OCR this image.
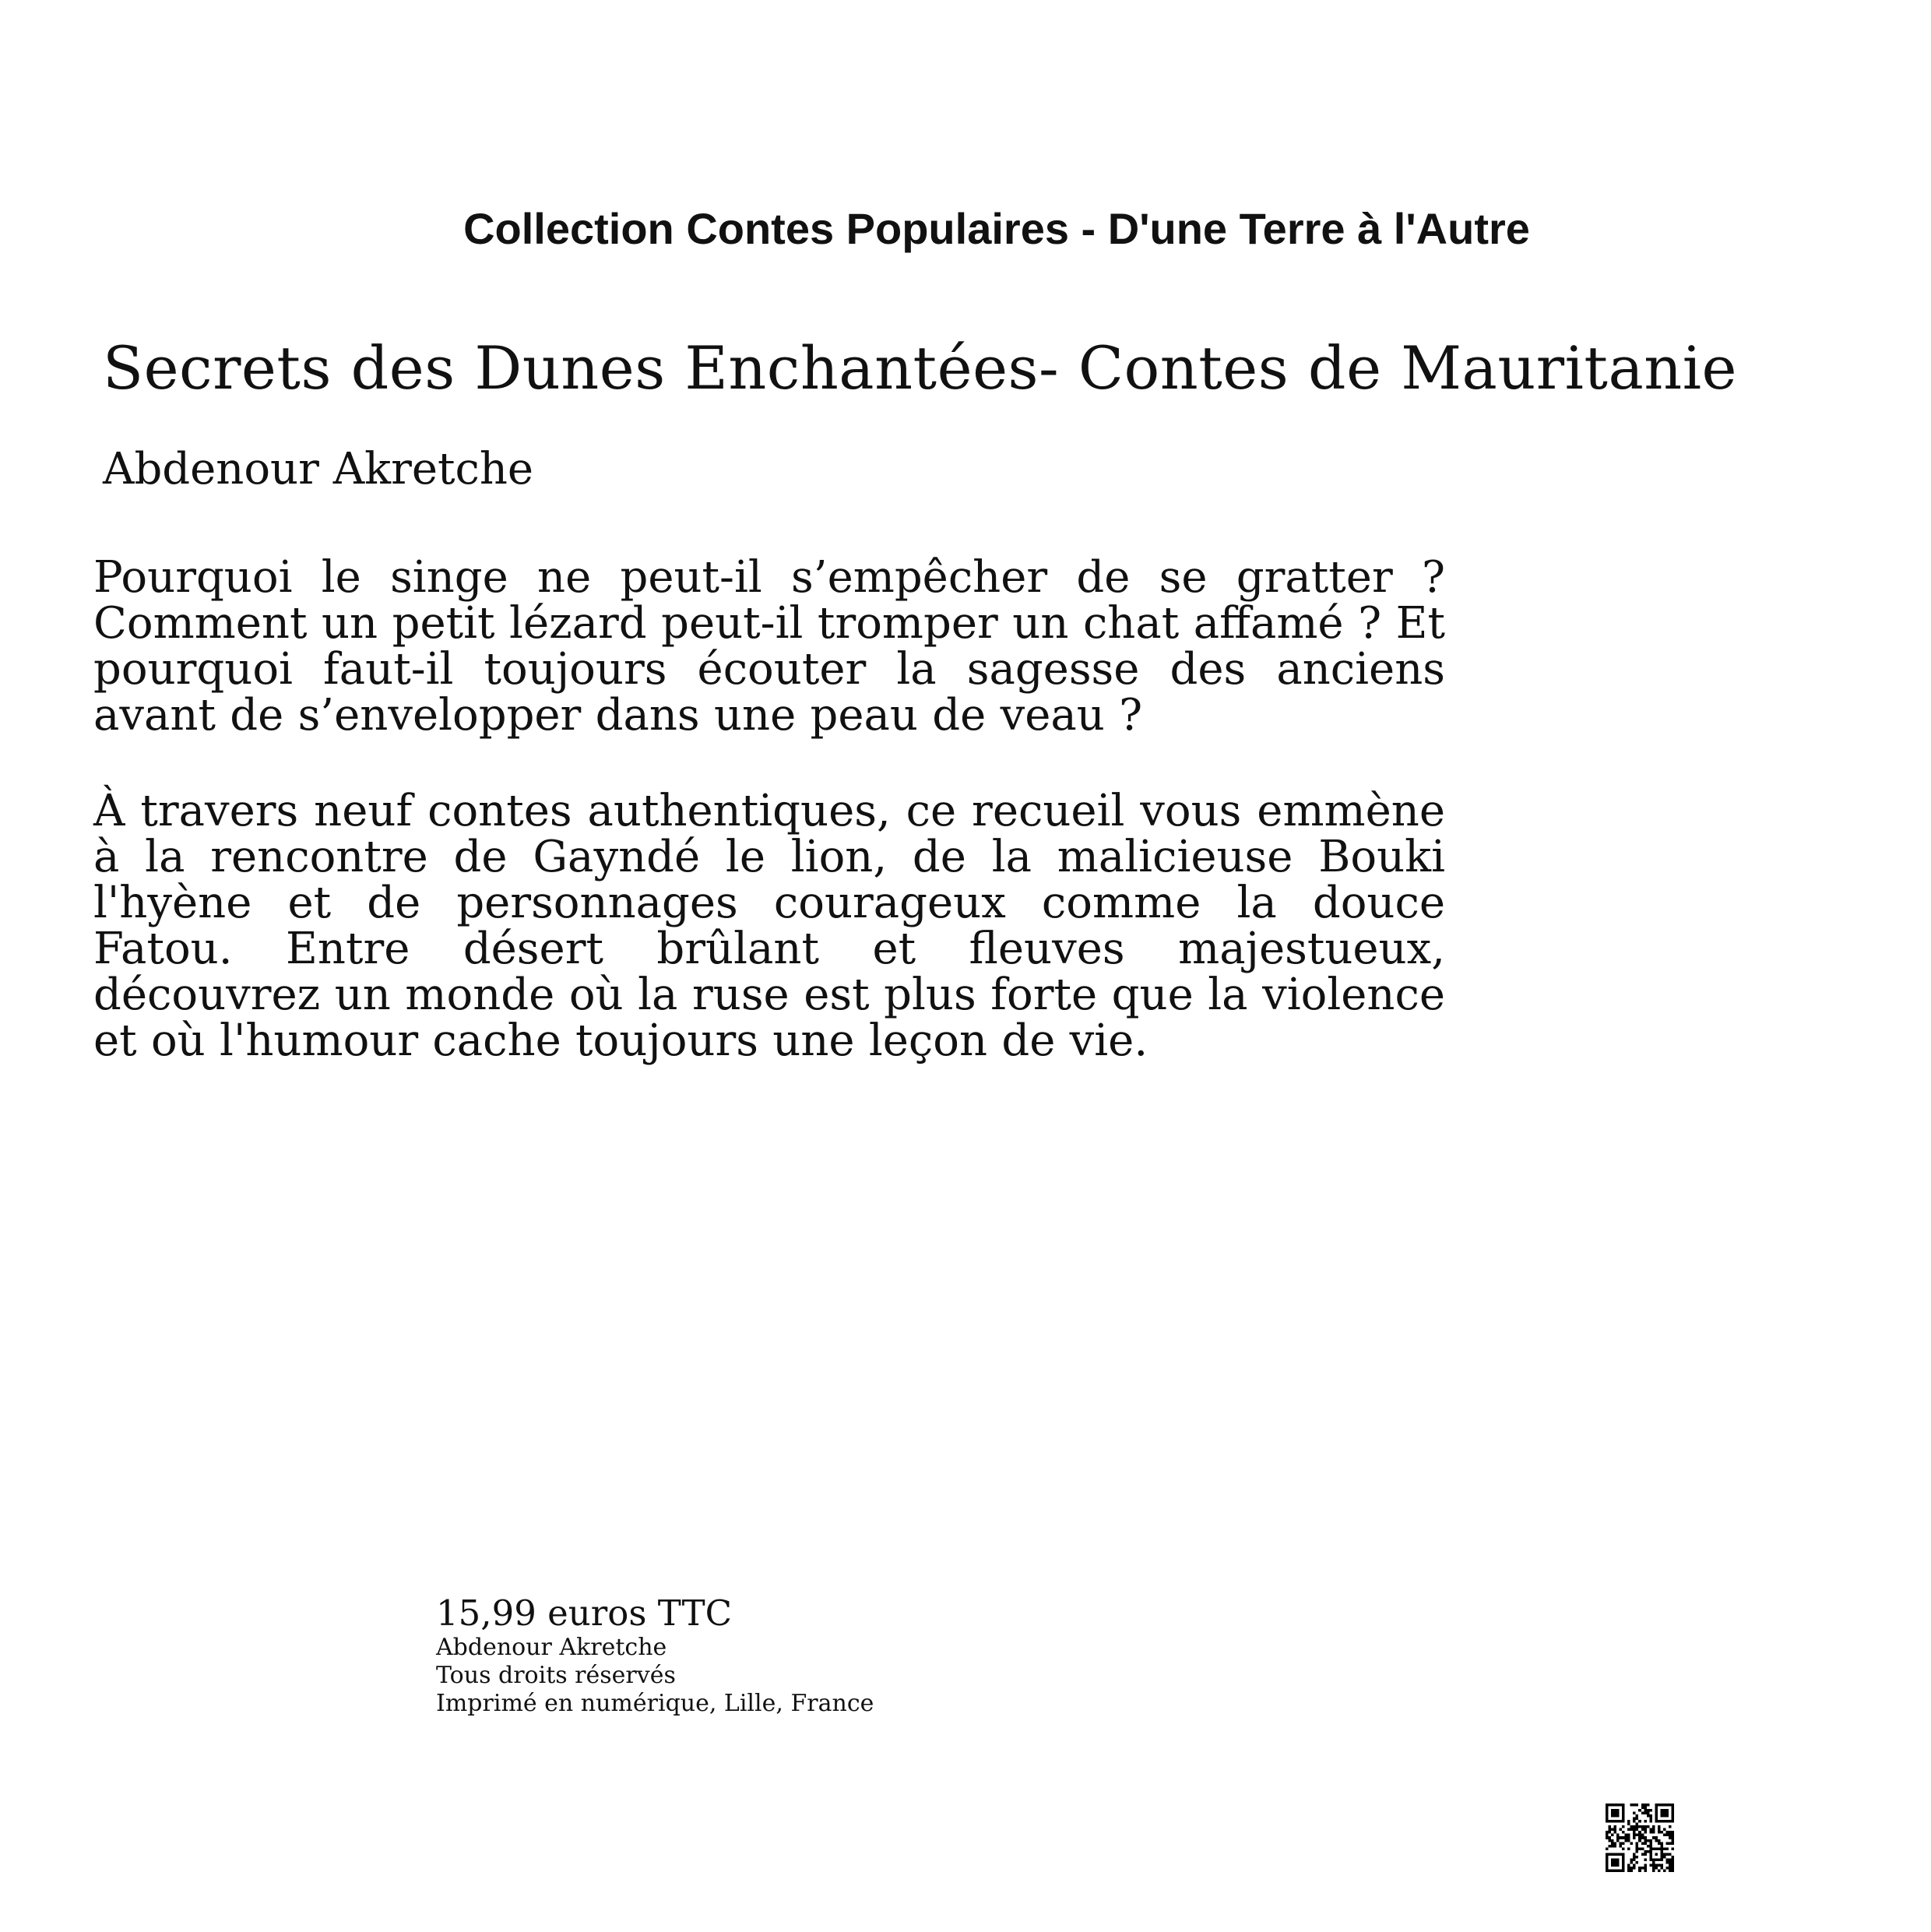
Collection Contes Populaires - D'une Terre à l'Autre
Secrets des Dunes Enchantées- Contes de Mauritanie
Abdenour Akretche

Pourquoi le singe ne peut-il s’empêcher de se gratter ? Comment un petit lézard peut-il tromper un chat affamé ? Et pourquoi faut-il toujours écouter la sagesse des anciens avant de s’envelopper dans une peau de veau ?

À travers neuf contes authentiques, ce recueil vous emmène à la rencontre de Gayndé le lion, de la malicieuse Bouki l'hyène et de personnages courageux comme la douce Fatou. Entre désert brûlant et fleuves majestueux, découvrez un monde où la ruse est plus forte que la violence et où l'humour cache toujours une leçon de vie.

15,99 euros TTC
Abdenour Akretche
Tous droits réservés
Imprimé en numérique, Lille, France
